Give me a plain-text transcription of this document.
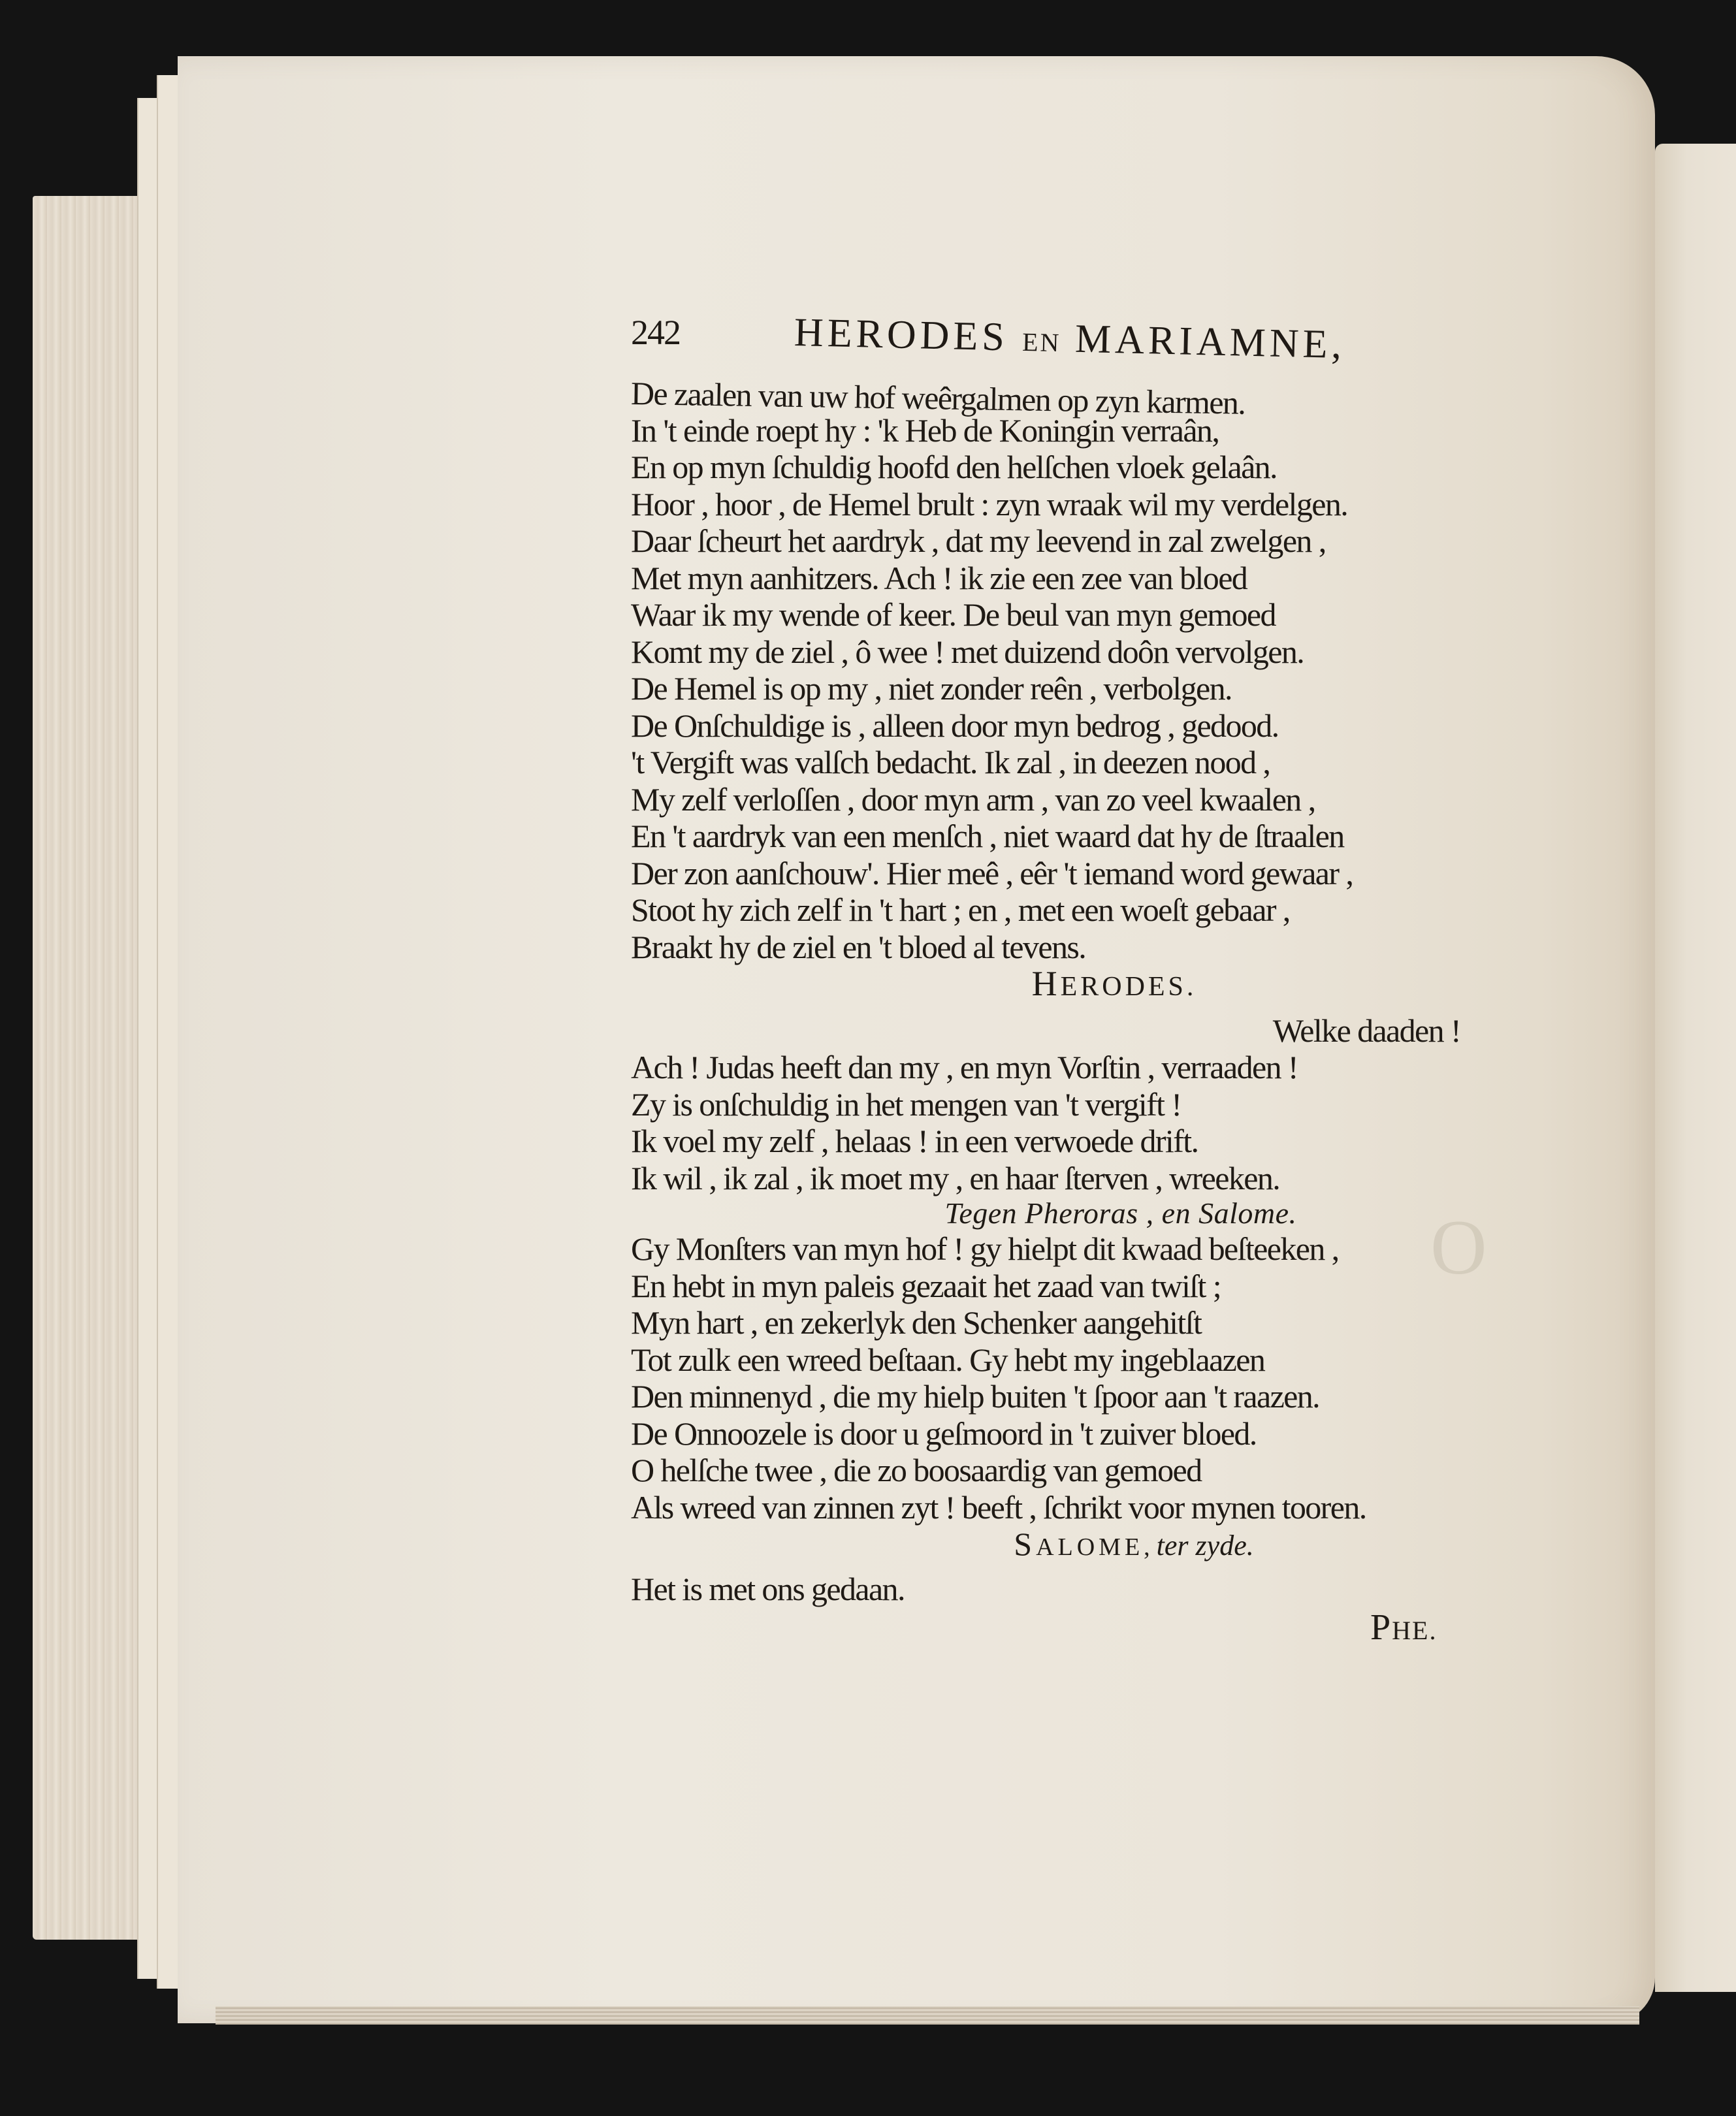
O

242	HERODES EN MARIAMNE,

De zaalen van uw hof weêrgalmen op zyn karmen.

In 't einde roept hy : 'k Heb de Koningin verraân,

En op myn ſchuldig hoofd den helſchen vloek gelaân.

Hoor , hoor , de Hemel brult : zyn wraak wil my verdelgen.

Daar ſcheurt het aardryk , dat my leevend in zal zwelgen ,

Met myn aanhitzers. Ach ! ik zie een zee van bloed

Waar ik my wende of keer. De beul van myn gemoed

Komt my de ziel , ô wee ! met duizend doôn vervolgen.

De Hemel is op my , niet zonder reên , verbolgen.

De Onſchuldige is , alleen door myn bedrog , gedood.

't Vergift was valſch bedacht. Ik zal , in deezen nood ,

My zelf verloſſen , door myn arm , van zo veel kwaalen ,

En 't aardryk van een menſch , niet waard dat hy de ſtraalen

Der zon aanſchouw'. Hier meê , eêr 't iemand word gewaar ,

Stoot hy zich zelf in 't hart ; en , met een woeſt gebaar ,

Braakt hy de ziel en 't bloed al tevens.

HERODES.

Welke daaden !

Ach ! Judas heeft dan my , en myn Vorſtin , verraaden !

Zy is onſchuldig in het mengen van 't vergift !

Ik voel my zelf , helaas ! in een verwoede drift.

Ik wil , ik zal , ik moet my , en haar ſterven , wreeken.

Tegen Pheroras , en Salome.

Gy Monſters van myn hof ! gy hielpt dit kwaad beſteeken ,

En hebt in myn paleis gezaait het zaad van twiſt ;

Myn hart , en zekerlyk den Schenker aangehitſt

Tot zulk een wreed beſtaan. Gy hebt my ingeblaazen

Den minnenyd , die my hielp buiten 't ſpoor aan 't raazen.

De Onnoozele is door u geſmoord in 't zuiver bloed.

O helſche twee , die zo boosaardig van gemoed

Als wreed van zinnen zyt ! beeft , ſchrikt voor mynen tooren.

SALOME, ter zyde.

Het is met ons gedaan.

PHE.
